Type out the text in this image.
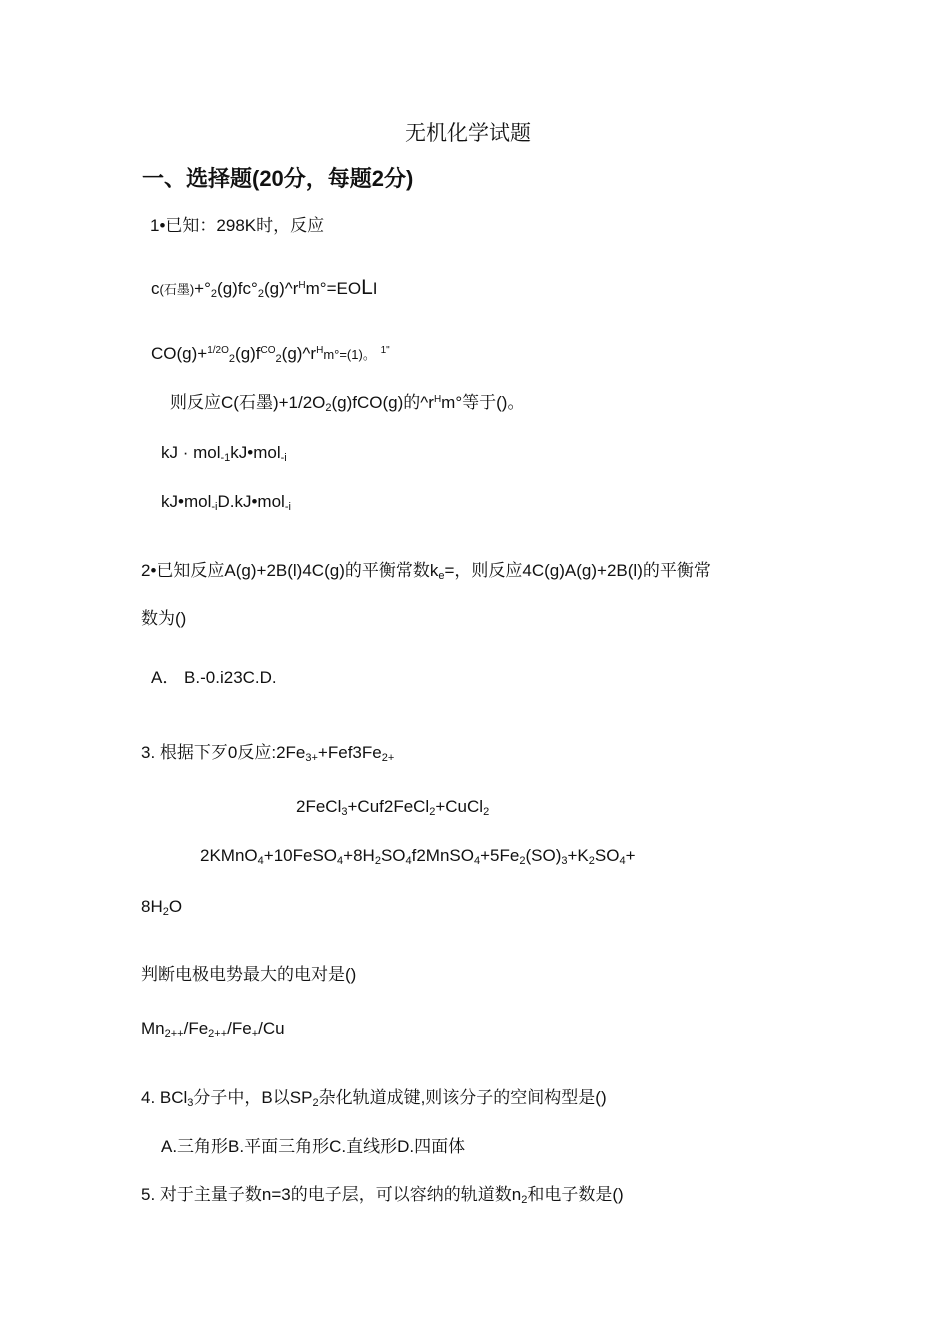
无机化学试题
一、选择题(20分，每题2分)
1•已知：298K时，反应
c(石墨)$+^\circ_2(g)fc^\circ_2(g)\^{}r^Hm^\circ=EOLI$
$CO(g)+^{1/2O}_2(g)f^{CO}_2(g)\^{}r^Hm^\circ=(1)$。 $^{1"}$
则反应C(石墨)$+1/2O_2(g)fCO(g)$的$\^{}r^Hm^\circ$等于()。
kJ · mol$_{-1}$kJ•mol$_{-i}$
kJ•mol$_{-i}$D.kJ•mol$_{-i}$
2•已知反应A(g)+2B(l)4C(g)的平衡常数$k_e=$，则反应4C(g)A(g)+2B(l)的平衡常
数为()
A． B.-0.i23C.D.
3. 根据下歹0反应$:2Fe_{3+}+Fef3Fe_{2+}$
2FeCl$_3$+Cuf2FeCl$_2$+CuCl$_2$
$2KMnO_4+10FeSO_4+8H_2SO_4f2MnSO_4+5Fe_2(SO)_3+K_2SO_4+$
$8H_2O$
判断电极电势最大的电对是()
$Mn_{2++}/Fe_{2++}/Fe_+/Cu$
4. BCl$_3$分子中，B以$SP_2$杂化轨道成键,则该分子的空间构型是()
A.三角形B.平面三角形C.直线形D.四面体
5. 对于主量子数n=3的电子层，可以容纳的轨道数$n_2$和电子数是()
